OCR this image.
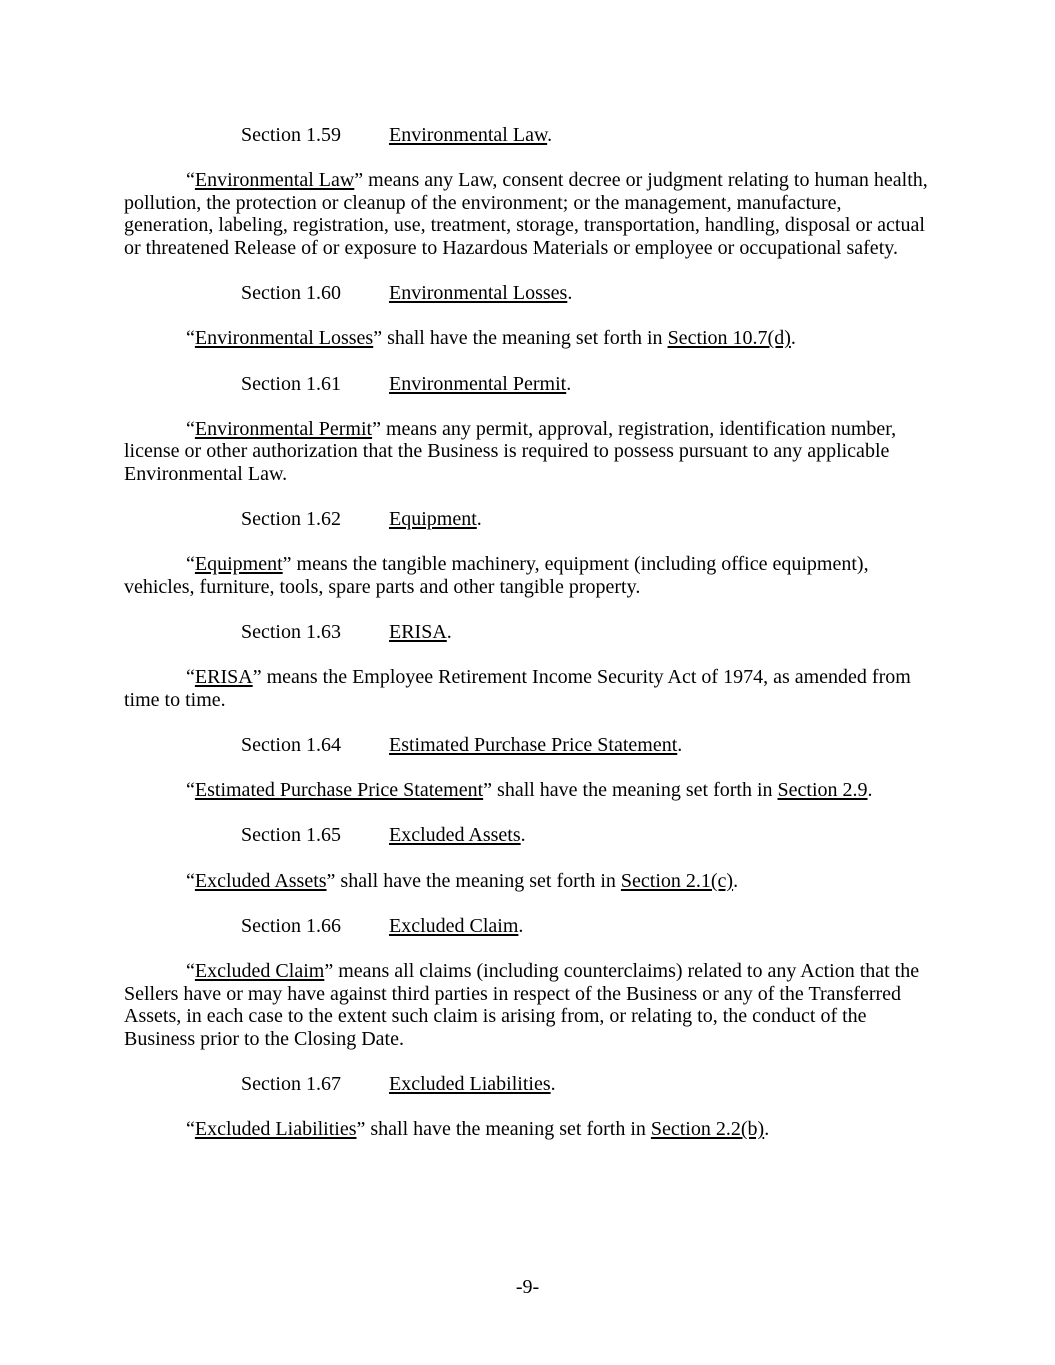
Section 1.59 Environmental Law.

“Environmental Law” means any Law, consent decree or judgment relating to human health, pollution, the protection or cleanup of the environment; or the management, manufacture, generation, labeling, registration, use, treatment, storage, transportation, handling, disposal or actual or threatened Release of or exposure to Hazardous Materials or employee or occupational safety.

Section 1.60 Environmental Losses.

“Environmental Losses” shall have the meaning set forth in Section 10.7(d).

Section 1.61 Environmental Permit.

“Environmental Permit” means any permit, approval, registration, identification number, license or other authorization that the Business is required to possess pursuant to any applicable Environmental Law.

Section 1.62 Equipment.

“Equipment” means the tangible machinery, equipment (including office equipment), vehicles, furniture, tools, spare parts and other tangible property.

Section 1.63 ERISA.

“ERISA” means the Employee Retirement Income Security Act of 1974, as amended from time to time.

Section 1.64 Estimated Purchase Price Statement.

“Estimated Purchase Price Statement” shall have the meaning set forth in Section 2.9.

Section 1.65 Excluded Assets.

“Excluded Assets” shall have the meaning set forth in Section 2.1(c).

Section 1.66 Excluded Claim.

“Excluded Claim” means all claims (including counterclaims) related to any Action that the Sellers have or may have against third parties in respect of the Business or any of the Transferred Assets, in each case to the extent such claim is arising from, or relating to, the conduct of the Business prior to the Closing Date.

Section 1.67 Excluded Liabilities.

“Excluded Liabilities” shall have the meaning set forth in Section 2.2(b).

-9-
